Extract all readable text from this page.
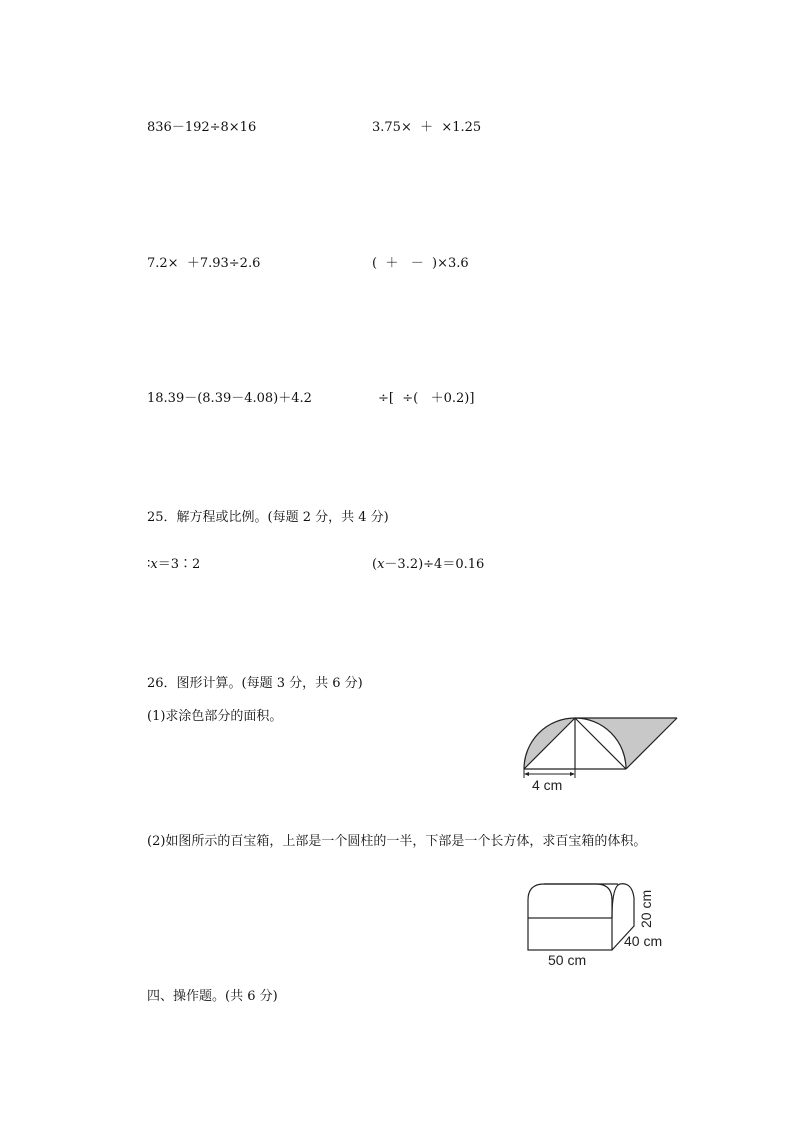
836－192÷8×16	3.75×  ＋  ×1.25
7.2×  ＋7.93÷2.6	(  ＋   －  )×3.6
18.39－(8.39－4.08)＋4.2	÷[  ÷(   ＋0.2)]
25．解方程或比例。(每题 2 分，共 4 分)
∶x＝3∶2	(x－3.2)÷4＝0.16
26．图形计算。(每题 3 分，共 6 分)
(1)求涂色部分的面积。
4 cm
(2)如图所示的百宝箱，上部是一个圆柱的一半，下部是一个长方体，求百宝箱的体积。
50 cm
40 cm
20 cm
四、操作题。(共 6 分)
